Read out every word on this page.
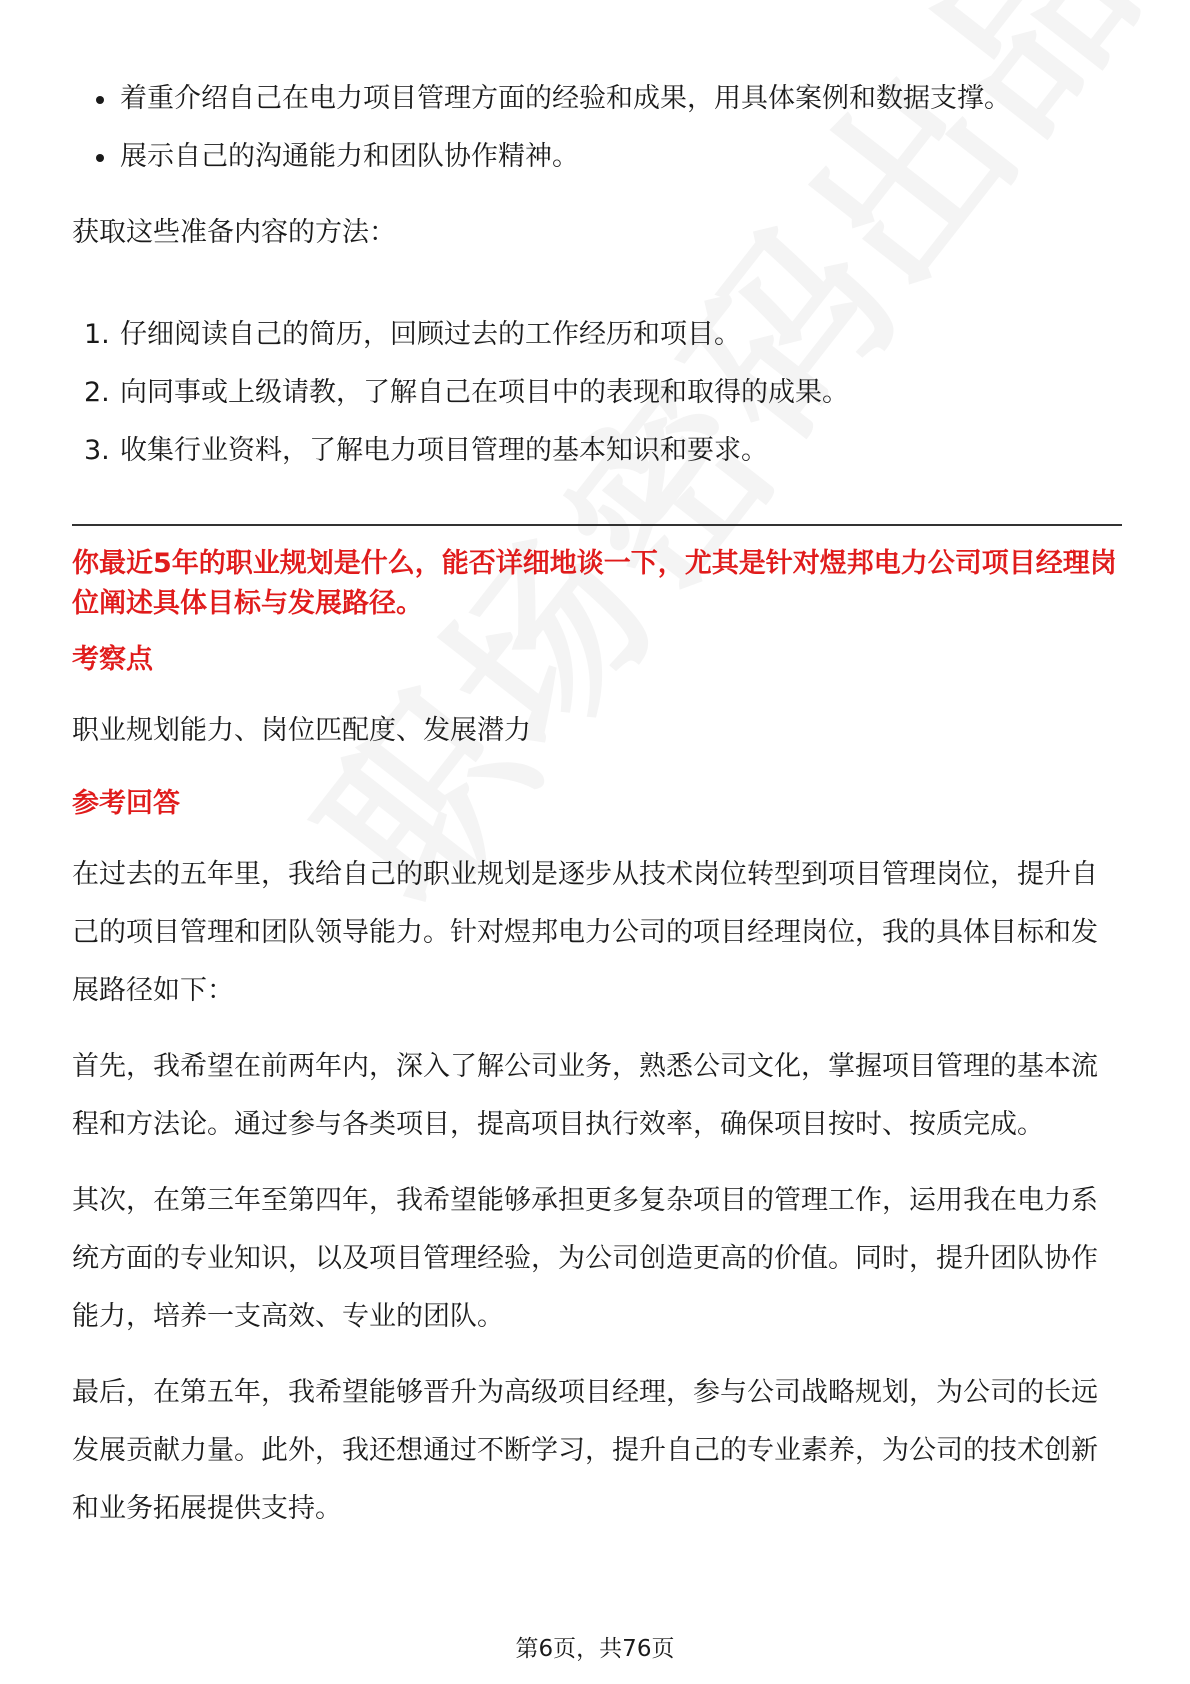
着重介绍自己在电力项目管理方面的经验和成果，用具体案例和数据支撑。
展示自己的沟通能力和团队协作精神。

获取这些准备内容的方法：

1. 仔细阅读自己的简历，回顾过去的工作经历和项目。
2. 向同事或上级请教，了解自己在项目中的表现和取得的成果。
3. 收集行业资料，了解电力项目管理的基本知识和要求。

你最近5年的职业规划是什么，能否详细地谈一下，尤其是针对煜邦电力公司项目经理岗位阐述具体目标与发展路径。

考察点

职业规划能力、岗位匹配度、发展潜力

参考回答

在过去的五年里，我给自己的职业规划是逐步从技术岗位转型到项目管理岗位，提升自己的项目管理和团队领导能力。针对煜邦电力公司的项目经理岗位，我的具体目标和发展路径如下：

首先，我希望在前两年内，深入了解公司业务，熟悉公司文化，掌握项目管理的基本流程和方法论。通过参与各类项目，提高项目执行效率，确保项目按时、按质完成。

其次，在第三年至第四年，我希望能够承担更多复杂项目的管理工作，运用我在电力系统方面的专业知识，以及项目管理经验，为公司创造更高的价值。同时，提升团队协作能力，培养一支高效、专业的团队。

最后，在第五年，我希望能够晋升为高级项目经理，参与公司战略规划，为公司的长远发展贡献力量。此外，我还想通过不断学习，提升自己的专业素养，为公司的技术创新和业务拓展提供支持。

第6页，共76页
